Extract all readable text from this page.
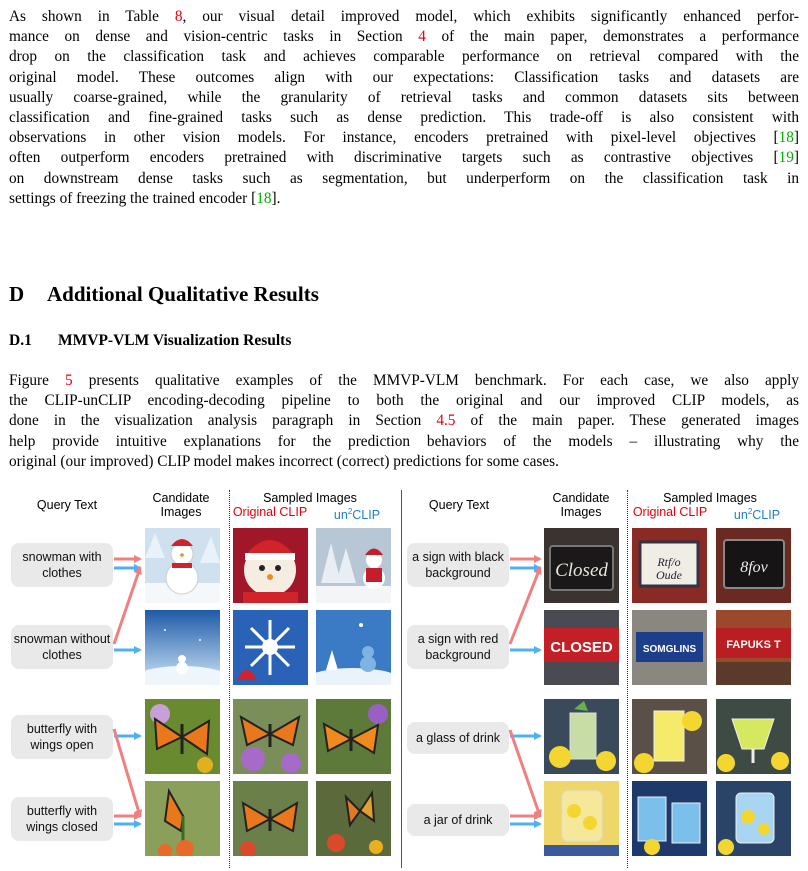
As shown in Table 8, our visual detail improved model, which exhibits significantly enhanced perfor-
mance on dense and vision-centric tasks in Section 4 of the main paper, demonstrates a performance
drop on the classification task and achieves comparable performance on retrieval compared with the
original model. These outcomes align with our expectations: Classification tasks and datasets are
usually coarse-grained, while the granularity of retrieval tasks and common datasets sits between
classification and fine-grained tasks such as dense prediction. This trade-off is also consistent with
observations in other vision models. For instance, encoders pretrained with pixel-level objectives [18]
often outperform encoders pretrained with discriminative targets such as contrastive objectives [19]
on downstream dense tasks such as segmentation, but underperform on the classification task in
settings of freezing the trained encoder [18].
D Additional Qualitative Results
D.1 MMVP-VLM Visualization Results
Figure 5 presents qualitative examples of the MMVP-VLM benchmark. For each case, we also apply
the CLIP-unCLIP encoding-decoding pipeline to both the original and our improved CLIP models, as
done in the visualization analysis paragraph in Section 4.5 of the main paper. These generated images
help provide intuitive explanations for the prediction behaviors of the models – illustrating why the
original (our improved) CLIP model makes incorrect (correct) predictions for some cases.
Query Text	Candidate Images
Sampled Images
Original CLIP	$un^2CLIP$
Query Text	Candidate Images
Sampled Images
Original CLIP	$un^2CLIP$
snowman with clothes
snowman without clothes
butterfly with wings open
butterfly with wings closed
a sign with black background
a sign with red background
a glass of drink
a jar of drink
Closed	Rtf/o Oude	8fov
CLOSED	SOMGLINS	FAPUKS T
